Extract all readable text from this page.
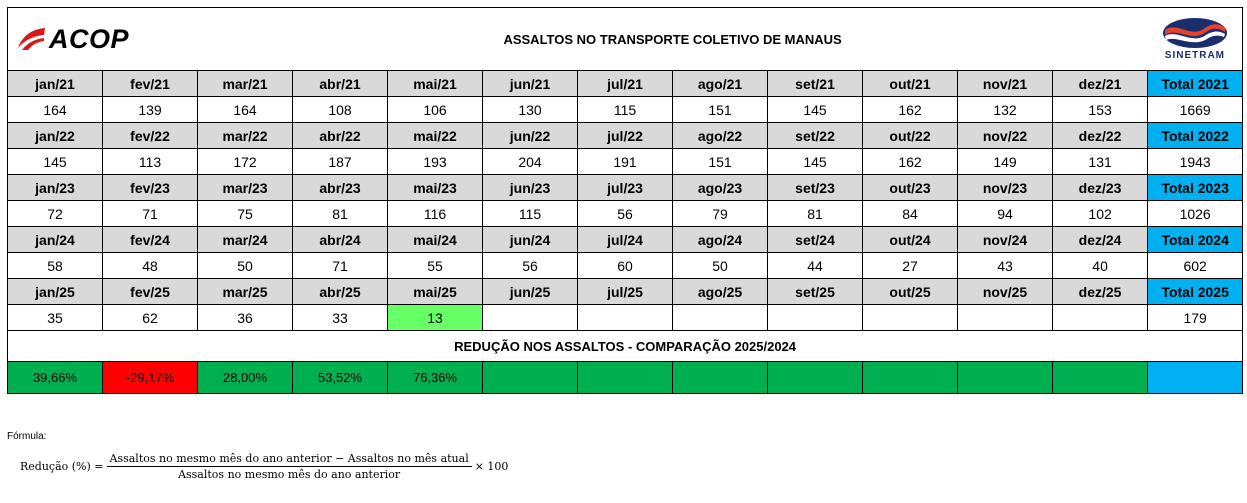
ACOP		ASSALTOS NO TRANSPORTE COLETIVO DE MANAUS										SINETRAM

jan/21	fev/21	mar/21	abr/21	mai/21	jun/21	jul/21	ago/21	set/21	out/21	nov/21	dez/21	Total 2021
164	139	164	108	106	130	115	151	145	162	132	153	1669
jan/22	fev/22	mar/22	abr/22	mai/22	jun/22	jul/22	ago/22	set/22	out/22	nov/22	dez/22	Total 2022
145	113	172	187	193	204	191	151	145	162	149	131	1943
jan/23	fev/23	mar/23	abr/23	mai/23	jun/23	jul/23	ago/23	set/23	out/23	nov/23	dez/23	Total 2023
72	71	75	81	116	115	56	79	81	84	94	102	1026
jan/24	fev/24	mar/24	abr/24	mai/24	jun/24	jul/24	ago/24	set/24	out/24	nov/24	dez/24	Total 2024
58	48	50	71	55	56	60	50	44	27	43	40	602
jan/25	fev/25	mar/25	abr/25	mai/25	jun/25	jul/25	ago/25	set/25	out/25	nov/25	dez/25	Total 2025
35	62	36	33	13								179
REDUÇÃO NOS ASSALTOS - COMPARAÇÃO 2025/2024												
39,66%	-29,17%	28,00%	53,52%	76,36%								
Fórmula:
Redução (%) =
Assaltos no mesmo mês do ano anterior − Assaltos no mês atual
Assaltos no mesmo mês do ano anterior
× 100
